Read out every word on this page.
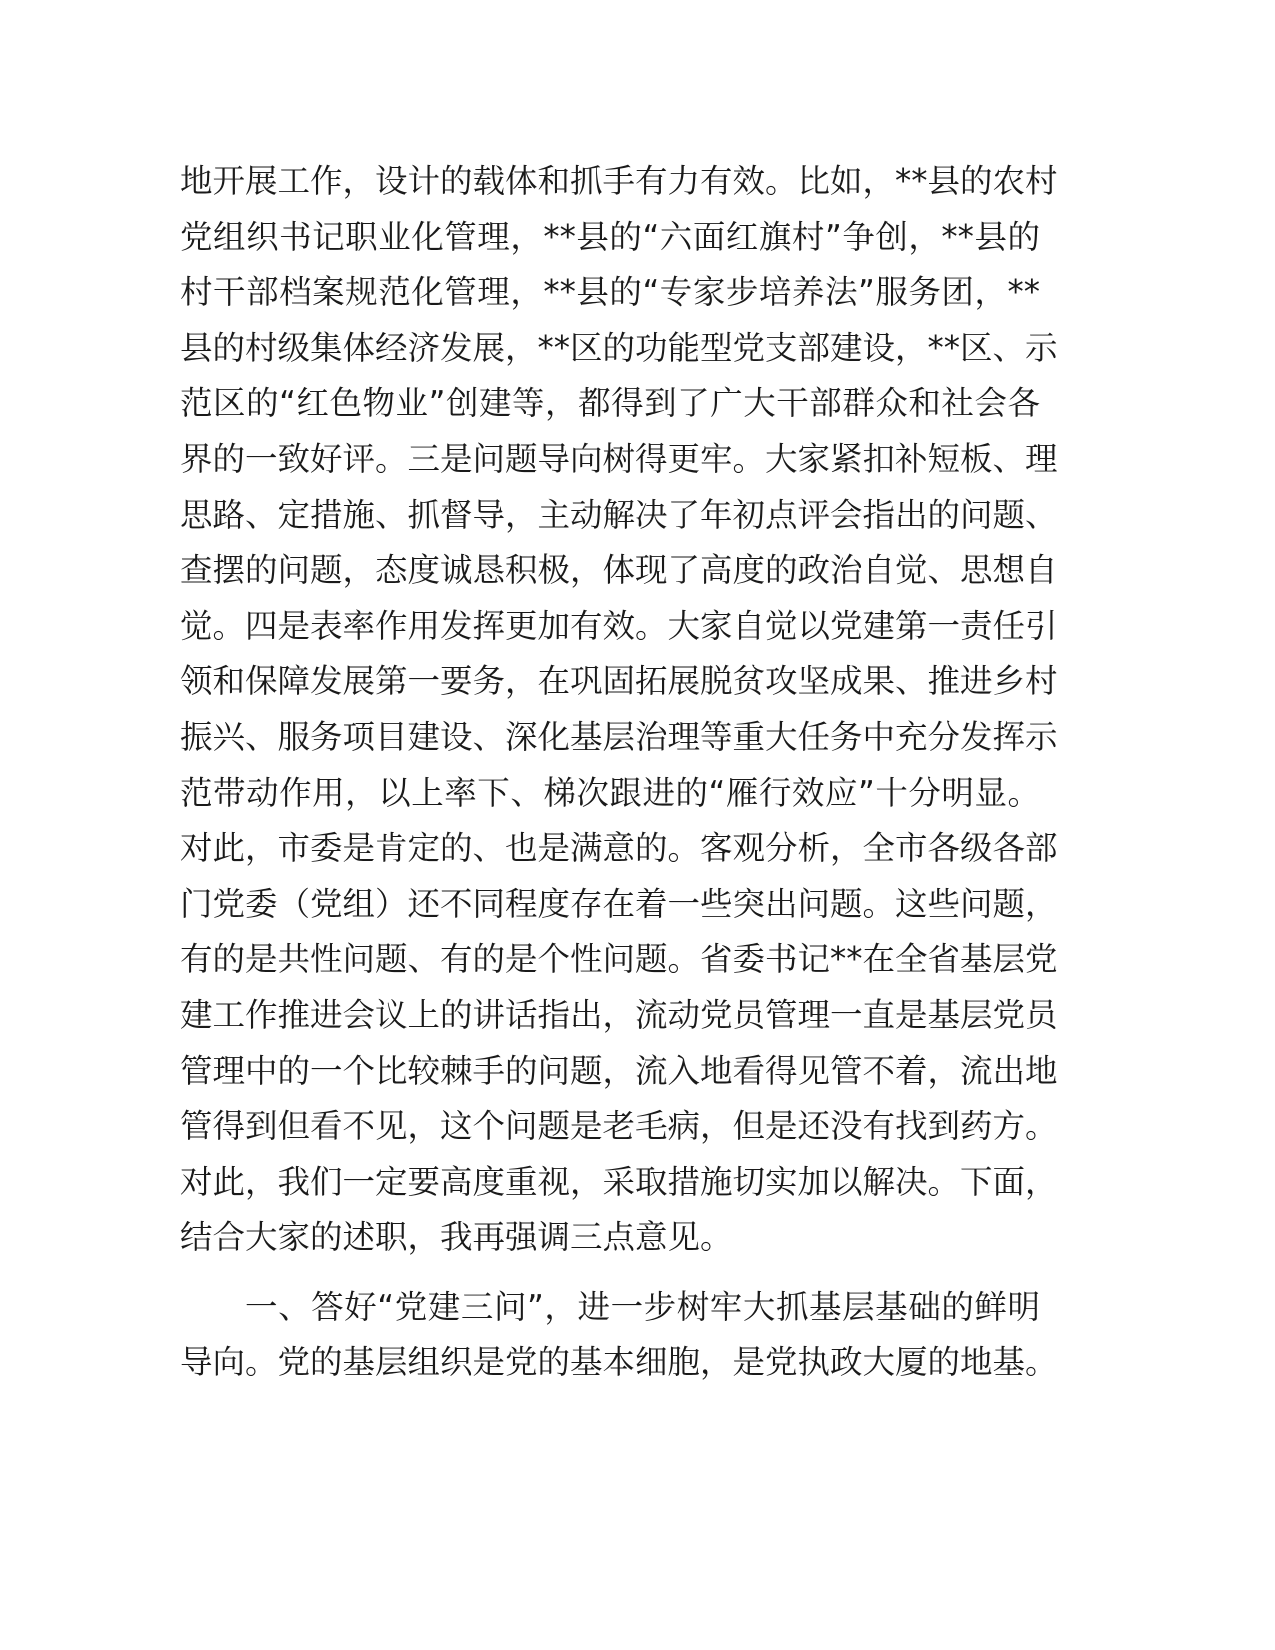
地开展工作，设计的载体和抓手有力有效。比如，**县的农村
党组织书记职业化管理，**县的“六面红旗村”争创，**县的
村干部档案规范化管理，**县的“专家步培养法”服务团，**
县的村级集体经济发展，**区的功能型党支部建设，**区、示
范区的“红色物业”创建等，都得到了广大干部群众和社会各
界的一致好评。三是问题导向树得更牢。大家紧扣补短板、理
思路、定措施、抓督导，主动解决了年初点评会指出的问题、
查摆的问题，态度诚恳积极，体现了高度的政治自觉、思想自
觉。四是表率作用发挥更加有效。大家自觉以党建第一责任引
领和保障发展第一要务，在巩固拓展脱贫攻坚成果、推进乡村
振兴、服务项目建设、深化基层治理等重大任务中充分发挥示
范带动作用，以上率下、梯次跟进的“雁行效应”十分明显。
对此，市委是肯定的、也是满意的。客观分析，全市各级各部
门党委（党组）还不同程度存在着一些突出问题。这些问题，
有的是共性问题、有的是个性问题。省委书记**在全省基层党
建工作推进会议上的讲话指出，流动党员管理一直是基层党员
管理中的一个比较棘手的问题，流入地看得见管不着，流出地
管得到但看不见，这个问题是老毛病，但是还没有找到药方。
对此，我们一定要高度重视，采取措施切实加以解决。下面，
结合大家的述职，我再强调三点意见。
一、答好“党建三问”，进一步树牢大抓基层基础的鲜明
导向。党的基层组织是党的基本细胞，是党执政大厦的地基。
